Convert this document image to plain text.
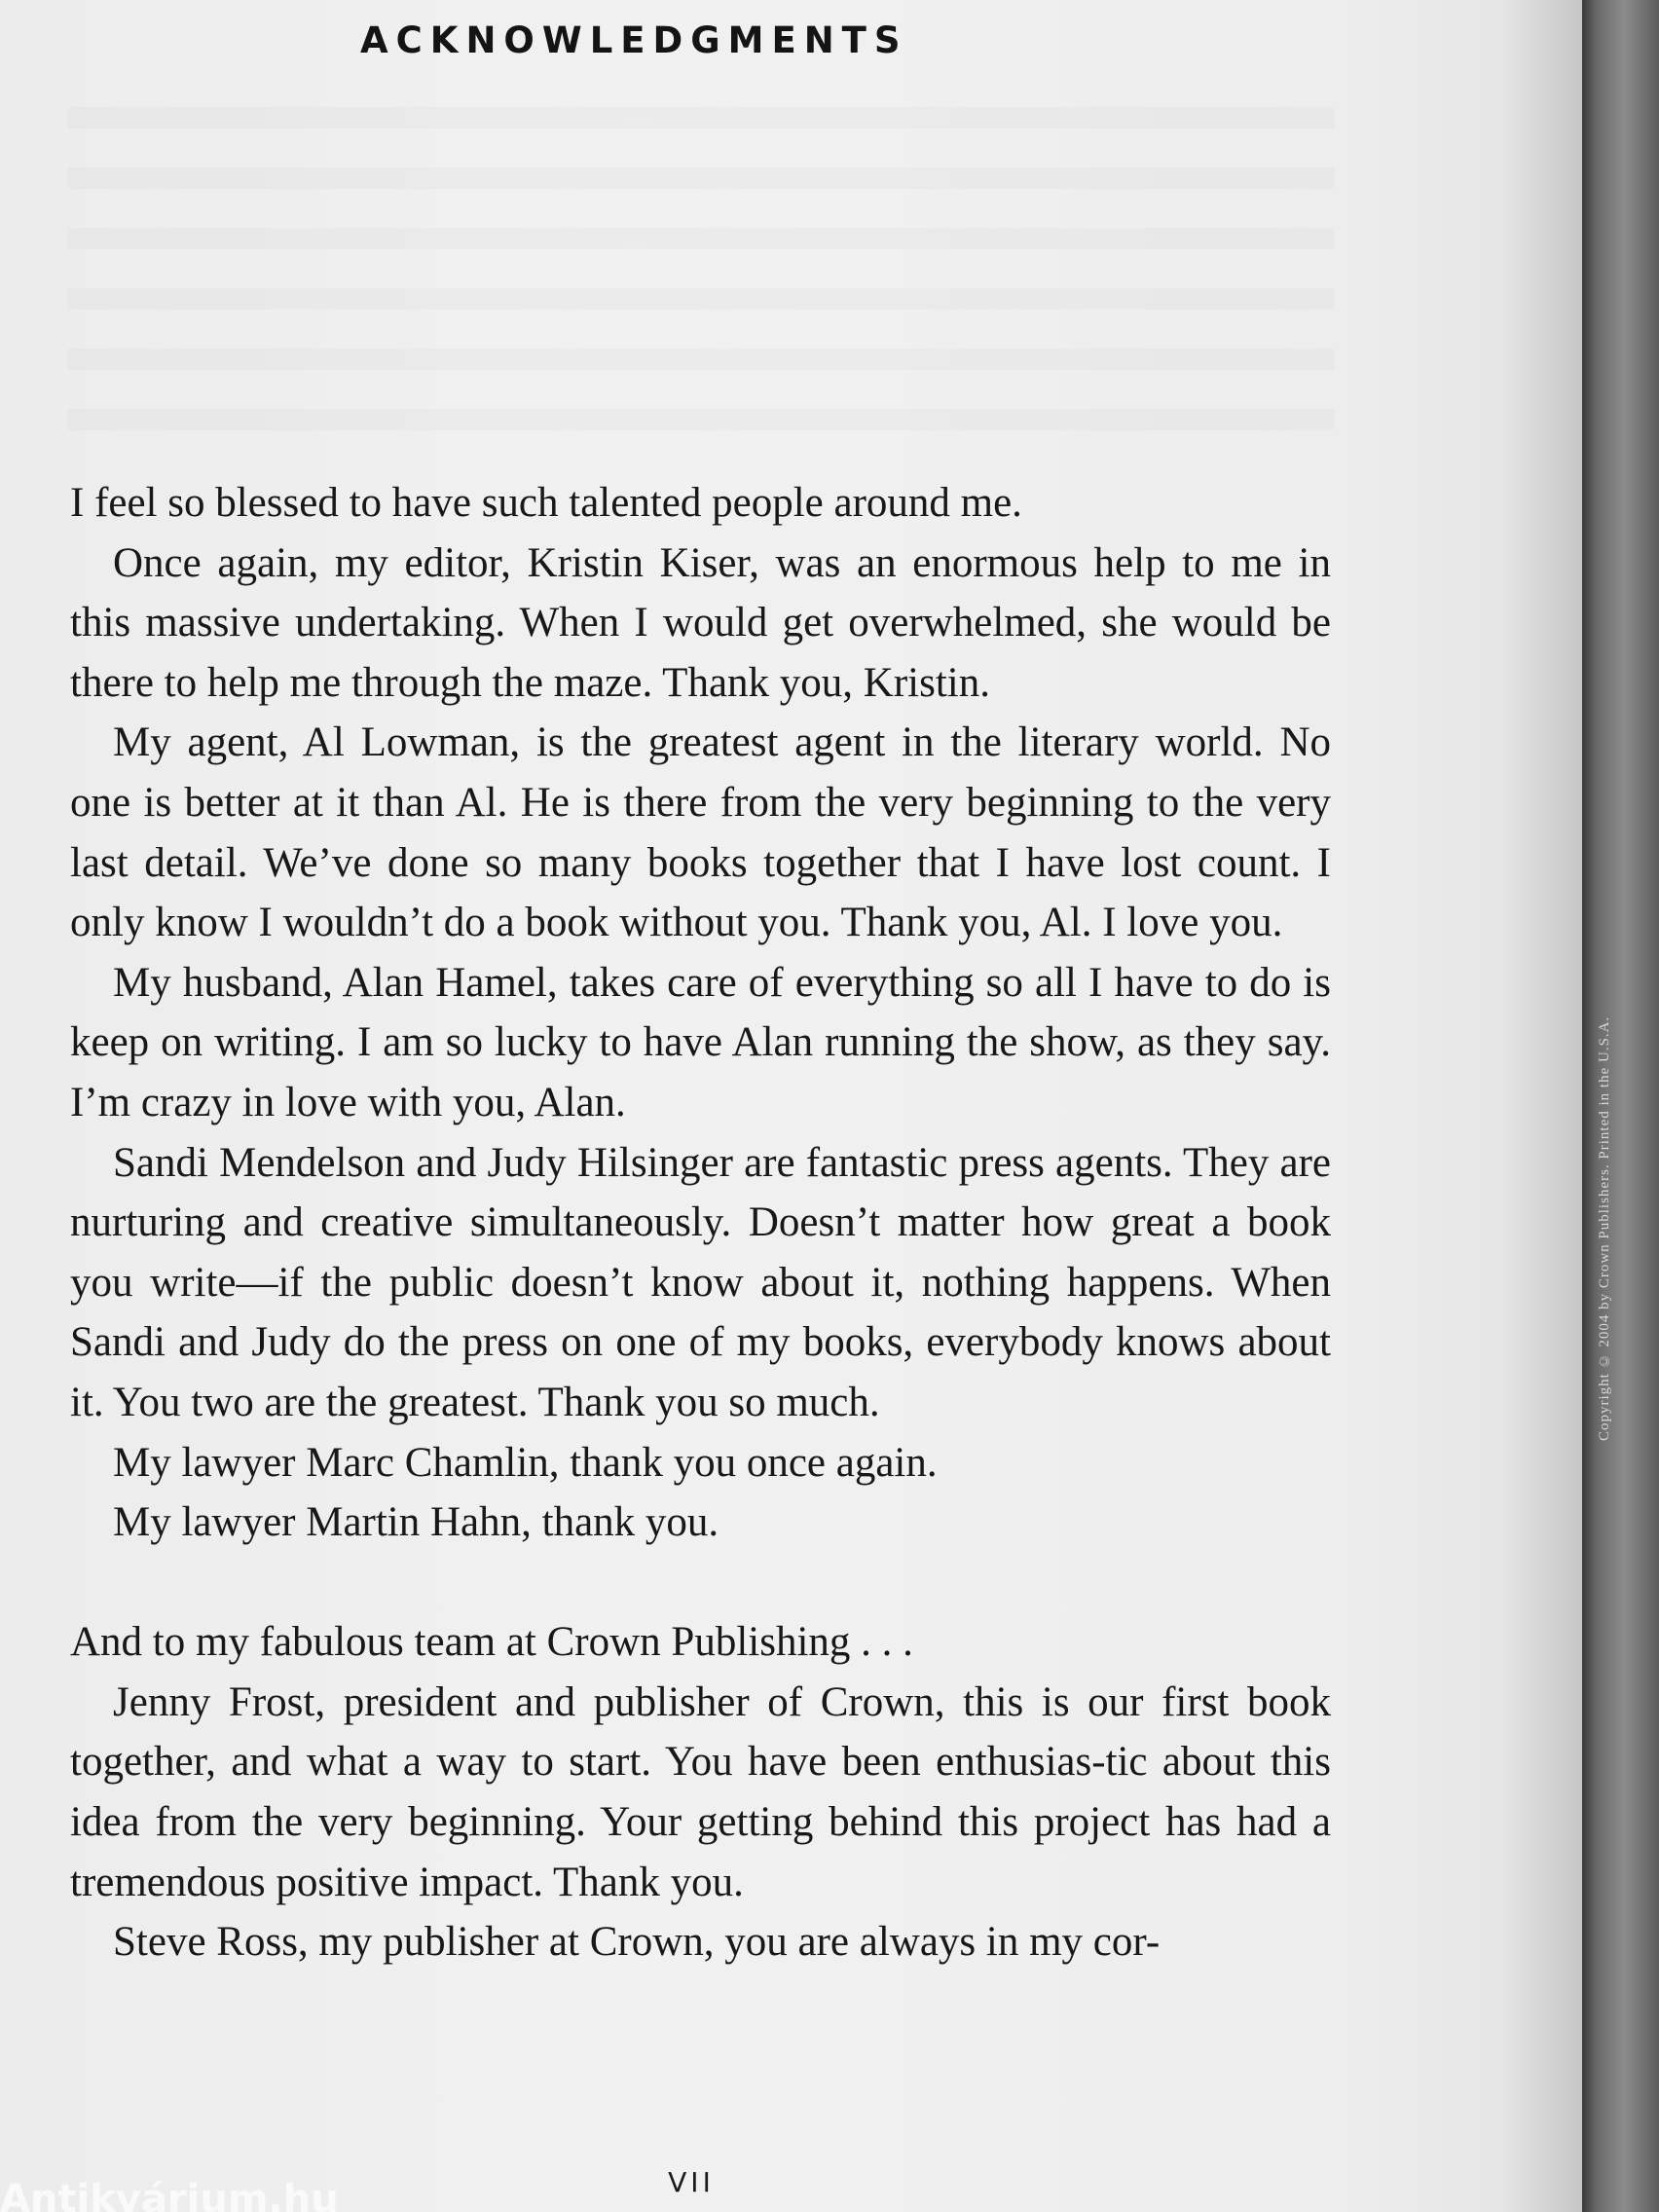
ACKNOWLEDGMENTS

I feel so blessed to have such talented people around me.

Once again, my editor, Kristin Kiser, was an enormous help to me in this massive undertaking. When I would get overwhelmed, she would be there to help me through the maze. Thank you, Kristin.

My agent, Al Lowman, is the greatest agent in the literary world. No one is better at it than Al. He is there from the very beginning to the very last detail. We’ve done so many books together that I have lost count. I only know I wouldn’t do a book without you. Thank you, Al. I love you.

My husband, Alan Hamel, takes care of everything so all I have to do is keep on writing. I am so lucky to have Alan running the show, as they say. I’m crazy in love with you, Alan.

Sandi Mendelson and Judy Hilsinger are fantastic press agents. They are nurturing and creative simultaneously. Doesn’t matter how great a book you write—if the public doesn’t know about it, nothing happens. When Sandi and Judy do the press on one of my books, everybody knows about it. You two are the greatest. Thank you so much.

My lawyer Marc Chamlin, thank you once again.

My lawyer Martin Hahn, thank you.

And to my fabulous team at Crown Publishing . . .

Jenny Frost, president and publisher of Crown, this is our first book together, and what a way to start. You have been enthusias-tic about this idea from the very beginning. Your getting behind this project has had a tremendous positive impact. Thank you.

Steve Ross, my publisher at Crown, you are always in my cor-

VII
Antikvárium.hu
Copyright © 2004 by Crown Publishers. Printed in the U.S.A.
